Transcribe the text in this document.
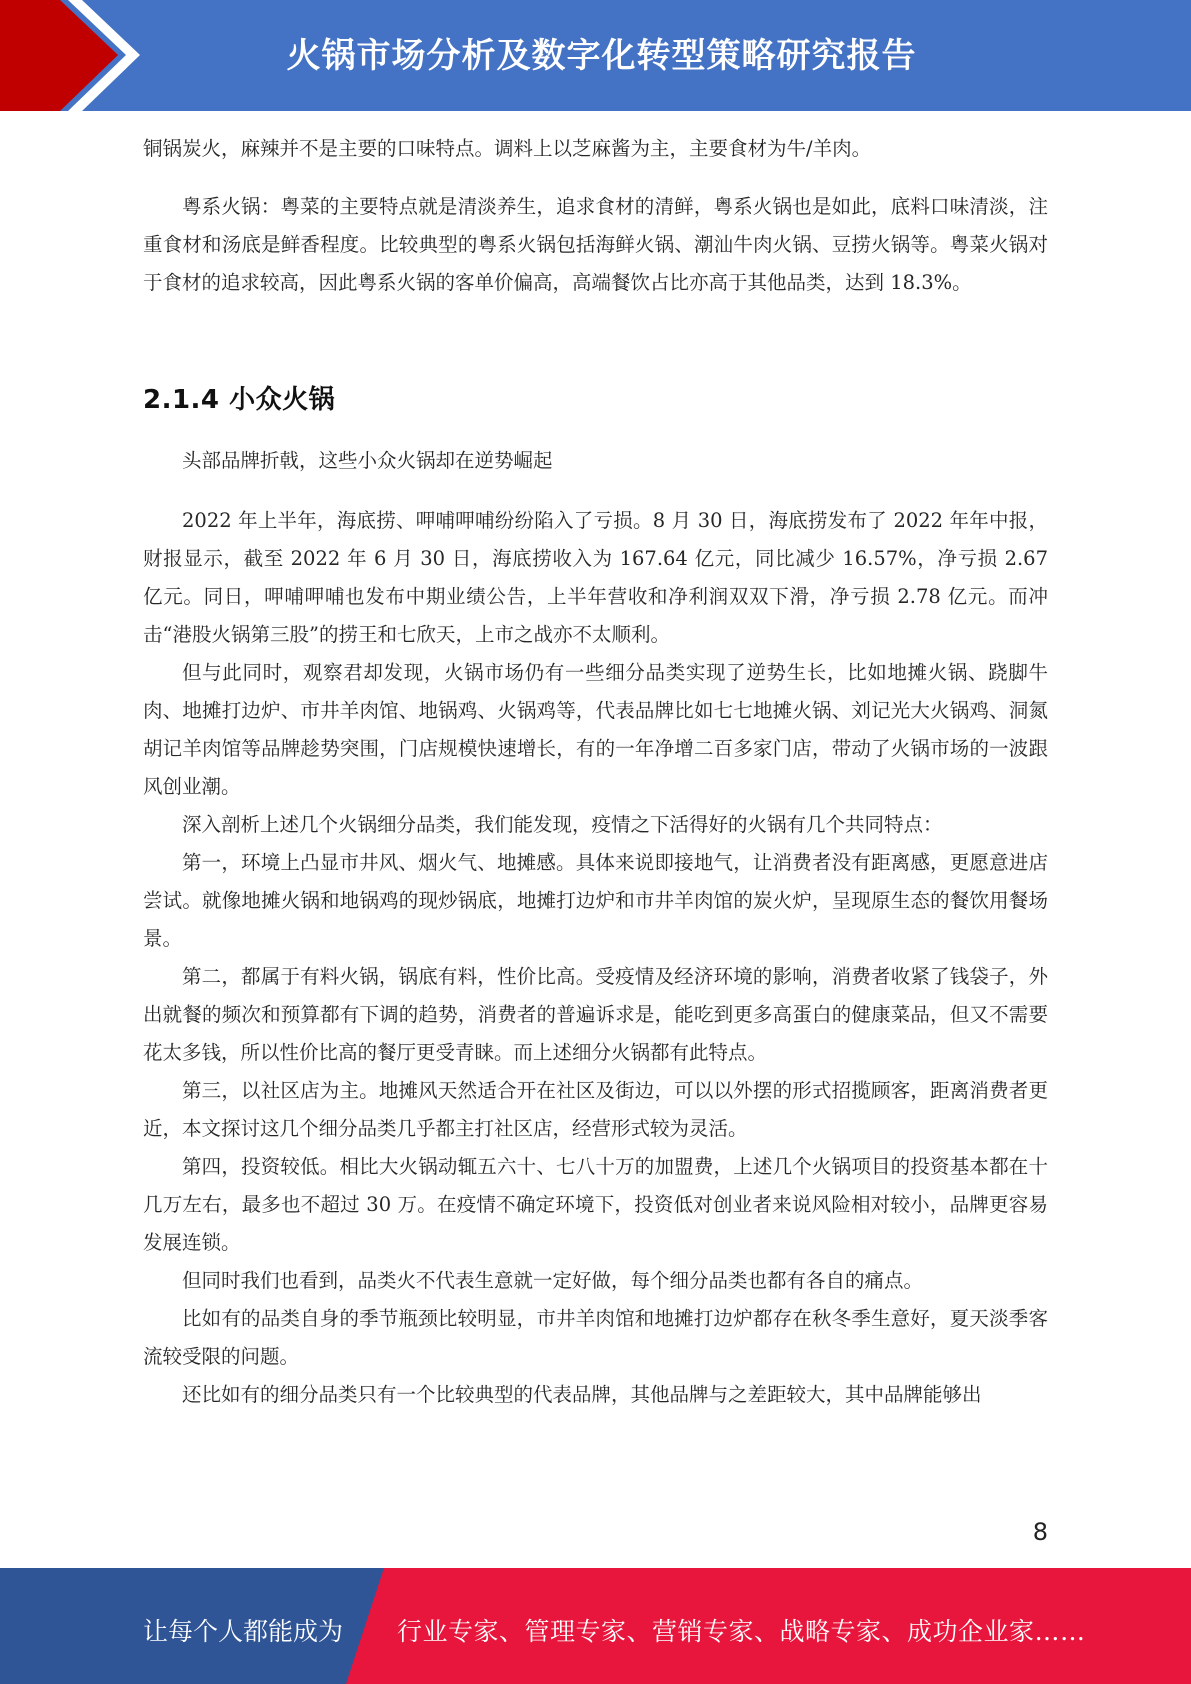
火锅市场分析及数字化转型策略研究报告

铜锅炭火，麻辣并不是主要的口味特点。调料上以芝麻酱为主，主要食材为牛/羊肉。

粤系火锅：粤菜的主要特点就是清淡养生，追求食材的清鲜，粤系火锅也是如此，底料口味清淡，注重食材和汤底是鲜香程度。比较典型的粤系火锅包括海鲜火锅、潮汕牛肉火锅、豆捞火锅等。粤菜火锅对于食材的追求较高，因此粤系火锅的客单价偏高，高端餐饮占比亦高于其他品类，达到 18.3%。

2.1.4 小众火锅

头部品牌折戟，这些小众火锅却在逆势崛起

2022 年上半年，海底捞、呷哺呷哺纷纷陷入了亏损。8 月 30 日，海底捞发布了 2022 年年中报，财报显示，截至 2022 年 6 月 30 日，海底捞收入为 167.64 亿元，同比减少 16.57%，净亏损 2.67 亿元。同日，呷哺呷哺也发布中期业绩公告，上半年营收和净利润双双下滑，净亏损 2.78 亿元。而冲击“港股火锅第三股”的捞王和七欣天，上市之战亦不太顺利。

但与此同时，观察君却发现，火锅市场仍有一些细分品类实现了逆势生长，比如地摊火锅、跷脚牛肉、地摊打边炉、市井羊肉馆、地锅鸡、火锅鸡等，代表品牌比如七七地摊火锅、刘记光大火锅鸡、洞氮胡记羊肉馆等品牌趁势突围，门店规模快速增长，有的一年净增二百多家门店，带动了火锅市场的一波跟风创业潮。

深入剖析上述几个火锅细分品类，我们能发现，疫情之下活得好的火锅有几个共同特点：

第一，环境上凸显市井风、烟火气、地摊感。具体来说即接地气，让消费者没有距离感，更愿意进店尝试。就像地摊火锅和地锅鸡的现炒锅底，地摊打边炉和市井羊肉馆的炭火炉，呈现原生态的餐饮用餐场景。

第二，都属于有料火锅，锅底有料，性价比高。受疫情及经济环境的影响，消费者收紧了钱袋子，外出就餐的频次和预算都有下调的趋势，消费者的普遍诉求是，能吃到更多高蛋白的健康菜品，但又不需要花太多钱，所以性价比高的餐厅更受青睐。而上述细分火锅都有此特点。

第三，以社区店为主。地摊风天然适合开在社区及街边，可以以外摆的形式招揽顾客，距离消费者更近，本文探讨这几个细分品类几乎都主打社区店，经营形式较为灵活。

第四，投资较低。相比大火锅动辄五六十、七八十万的加盟费，上述几个火锅项目的投资基本都在十几万左右，最多也不超过 30 万。在疫情不确定环境下，投资低对创业者来说风险相对较小，品牌更容易发展连锁。

但同时我们也看到，品类火不代表生意就一定好做，每个细分品类也都有各自的痛点。

比如有的品类自身的季节瓶颈比较明显，市井羊肉馆和地摊打边炉都存在秋冬季生意好，夏天淡季客流较受限的问题。

还比如有的细分品类只有一个比较典型的代表品牌，其他品牌与之差距较大，其中品牌能够出

8
让每个人都能成为 行业专家、管理专家、营销专家、战略专家、成功企业家……
